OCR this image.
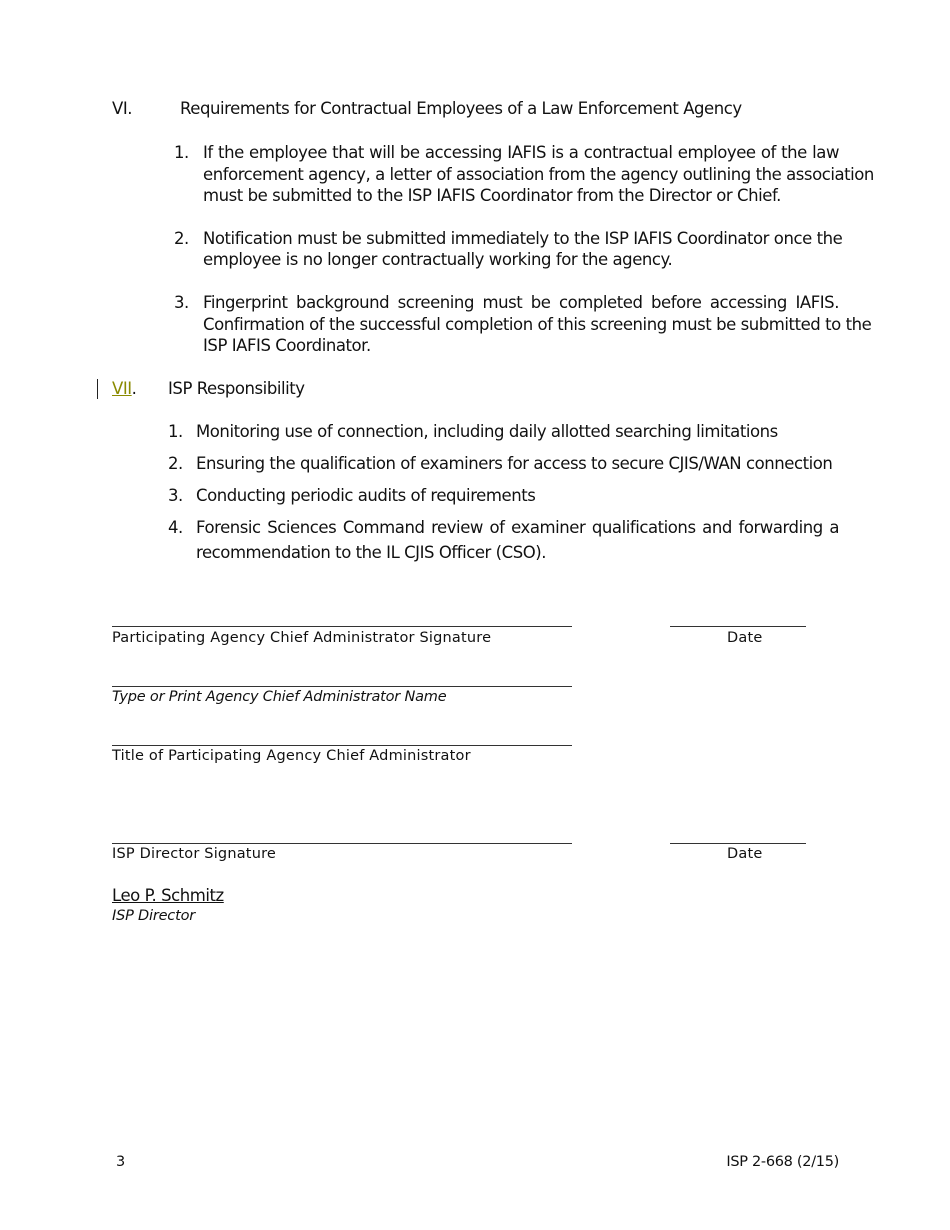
VI.	Requirements for Contractual Employees of a Law Enforcement Agency
1. If the employee that will be accessing IAFIS is a contractual employee of the law
enforcement agency, a letter of association from the agency outlining the association
must be submitted to the ISP IAFIS Coordinator from the Director or Chief.
2. Notification must be submitted immediately to the ISP IAFIS Coordinator once the
employee is no longer contractually working for the agency.
3. Fingerprint background screening must be completed before accessing IAFIS.
Confirmation of the successful completion of this screening must be submitted to the
ISP IAFIS Coordinator.
VII. ISP Responsibility
1. Monitoring use of connection, including daily allotted searching limitations
2. Ensuring the qualification of examiners for access to secure CJIS/WAN connection
3. Conducting periodic audits of requirements
4. Forensic Sciences Command review of examiner qualifications and forwarding a
recommendation to the IL CJIS Officer (CSO).
Participating Agency Chief Administrator Signature	Date
Type or Print Agency Chief Administrator Name
Title of Participating Agency Chief Administrator
ISP Director Signature	Date
Leo P. Schmitz
ISP Director
3	ISP 2-668 (2/15)
